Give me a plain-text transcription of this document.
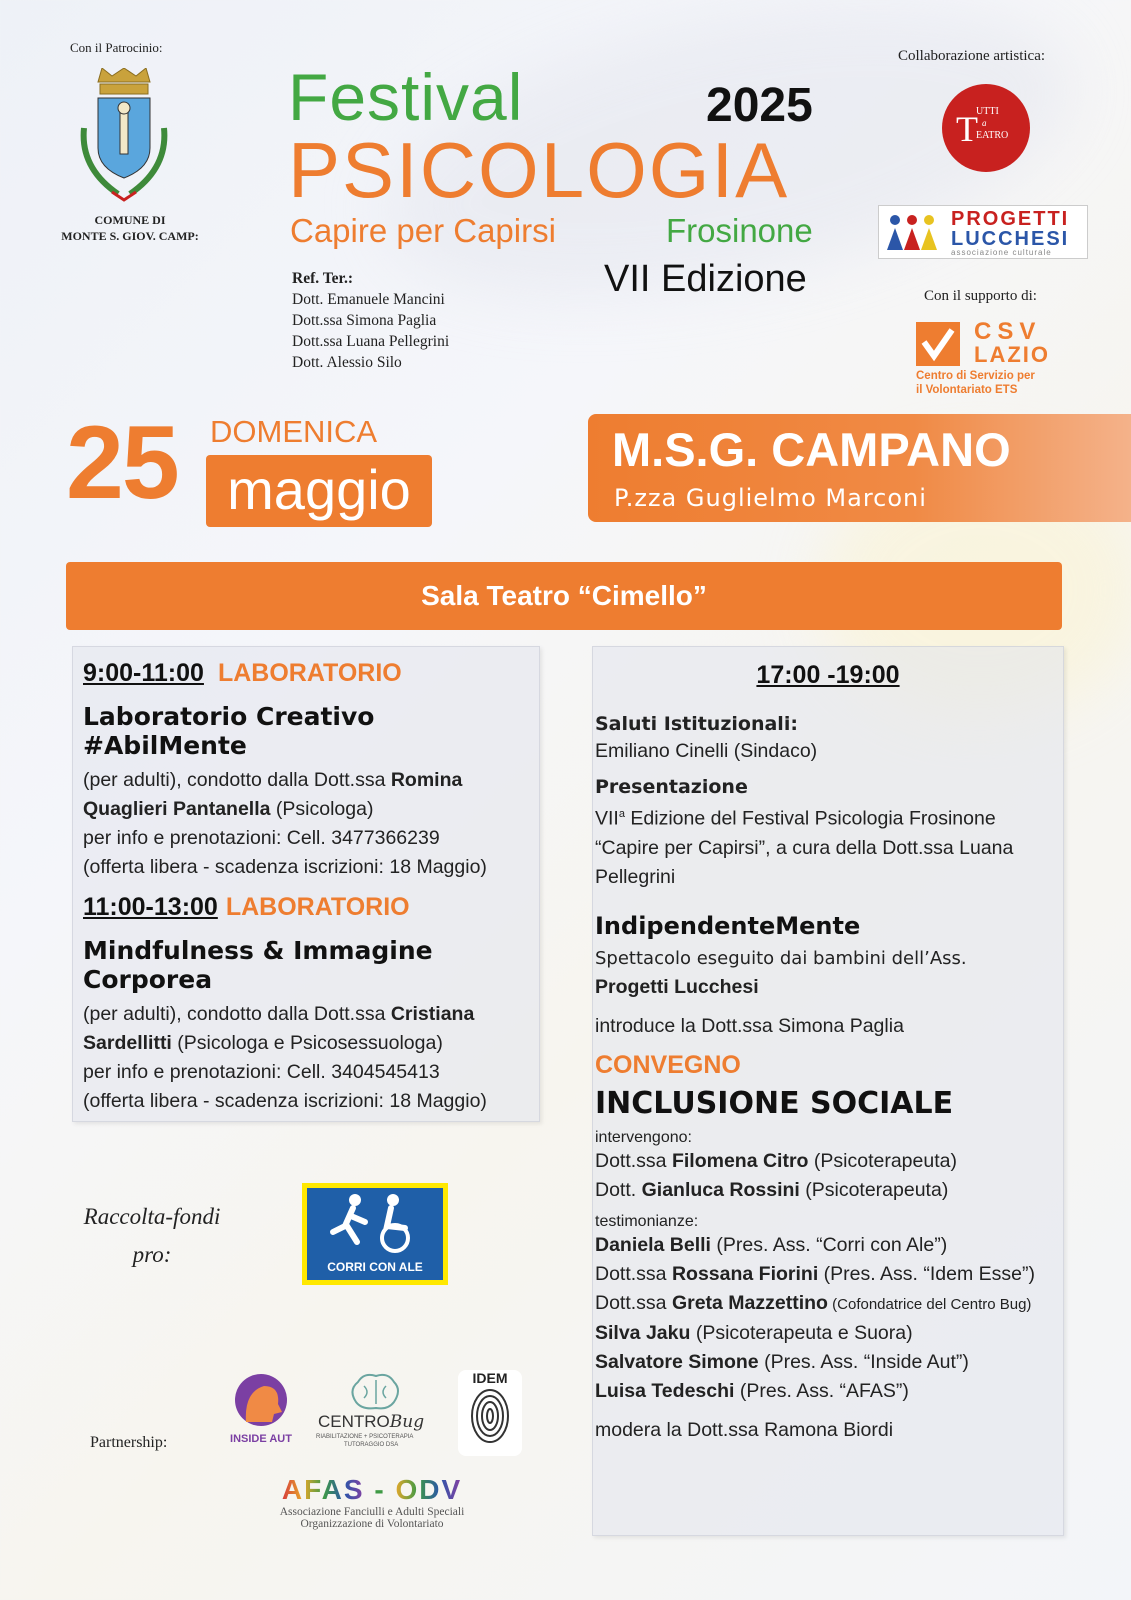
Con il Patrocinio:
COMUNE DI
MONTE S. GIOV. CAMP:
Festival	2025
PSICOLOGIA
Capire per Capirsi	Frosinone
VII Edizione
Ref. Ter.:
Dott. Emanuele Mancini
Dott.ssa Simona Paglia
Dott.ssa Luana Pellegrini
Dott. Alessio Silo
Collaborazione artistica:
T
UTTI
a
EATRO
PROGETTI
LUCCHESI
associazione culturale
Con il supporto di:
CSV
LAZIO
Centro di Servizio per
il Volontariato ETS
25 DOMENICA
maggio
M.S.G. CAMPANO
P.zza Guglielmo Marconi
Sala Teatro “Cimello”
9:00-11:00 LABORATORIO
Laboratorio Creativo #AbilMente
(per adulti), condotto dalla Dott.ssa Romina Quaglieri Pantanella (Psicologa)
per info e prenotazioni: Cell. 3477366239
(offerta libera - scadenza iscrizioni: 18 Maggio)
11:00-13:00 LABORATORIO
Mindfulness & Immagine Corporea
(per adulti), condotto dalla Dott.ssa Cristiana Sardellitti (Psicologa e Psicosessuologa)
per info e prenotazioni: Cell. 3404545413
(offerta libera - scadenza iscrizioni: 18 Maggio)
17:00 -19:00
Saluti Istituzionali:
Emiliano Cinelli (Sindaco)
Presentazione
VII$^a$ Edizione del Festival Psicologia Frosinone
“Capire per Capirsi”, a cura della Dott.ssa Luana Pellegrini
IndipendenteMente
Spettacolo eseguito dai bambini dell’Ass.
Progetti Lucchesi
introduce la Dott.ssa Simona Paglia
CONVEGNO
INCLUSIONE SOCIALE
intervengono:
Dott.ssa Filomena Citro (Psicoterapeuta)
Dott. Gianluca Rossini (Psicoterapeuta)
testimonianze:
Daniela Belli (Pres. Ass. “Corri con Ale”)
Dott.ssa Rossana Fiorini (Pres. Ass. “Idem Esse”)
Dott.ssa Greta Mazzettino (Cofondatrice del Centro Bug)
Silva Jaku (Psicoterapeuta e Suora)
Salvatore Simone (Pres. Ass. “Inside Aut”)
Luisa Tedeschi (Pres. Ass. “AFAS”)
modera la Dott.ssa Ramona Biordi
Raccolta-fondi
pro:	CORRI CON ALE
Partnership:	INSIDE AUT
CENTROBug
RIABILITAZIONE + PSICOTERAPIA
TUTORAGGIO DSA
IDEM
AFAS - ODV
Associazione Fanciulli e Adulti Speciali
Organizzazione di Volontariato
